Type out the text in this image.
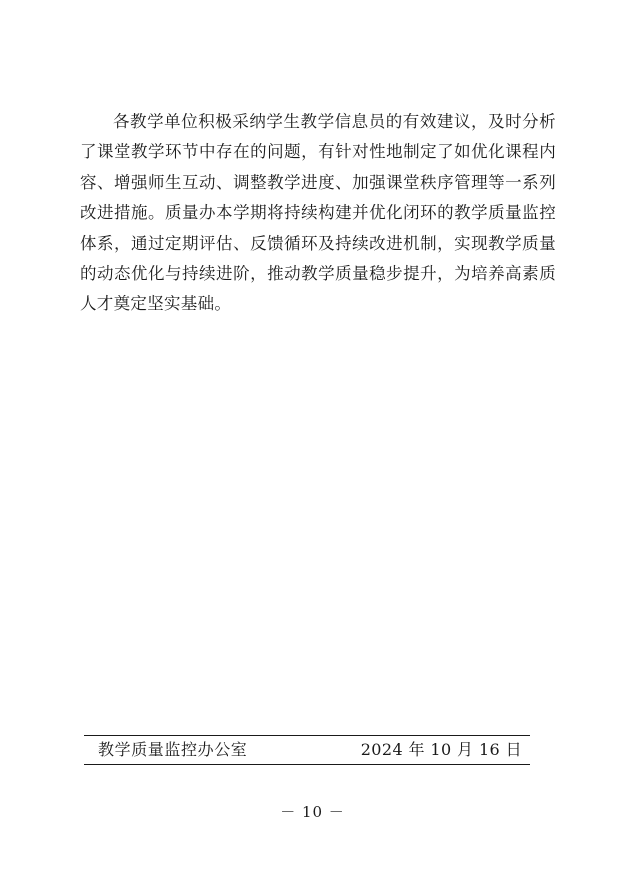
各教学单位积极采纳学生教学信息员的有效建议，及时分析了课堂教学环节中存在的问题，有针对性地制定了如优化课程内容、增强师生互动、调整教学进度、加强课堂秩序管理等一系列改进措施。质量办本学期将持续构建并优化闭环的教学质量监控体系，通过定期评估、反馈循环及持续改进机制，实现教学质量的动态优化与持续进阶，推动教学质量稳步提升，为培养高素质人才奠定坚实基础。

教学质量监控办公室	2024 年 10 月 16 日
－ 10 －
